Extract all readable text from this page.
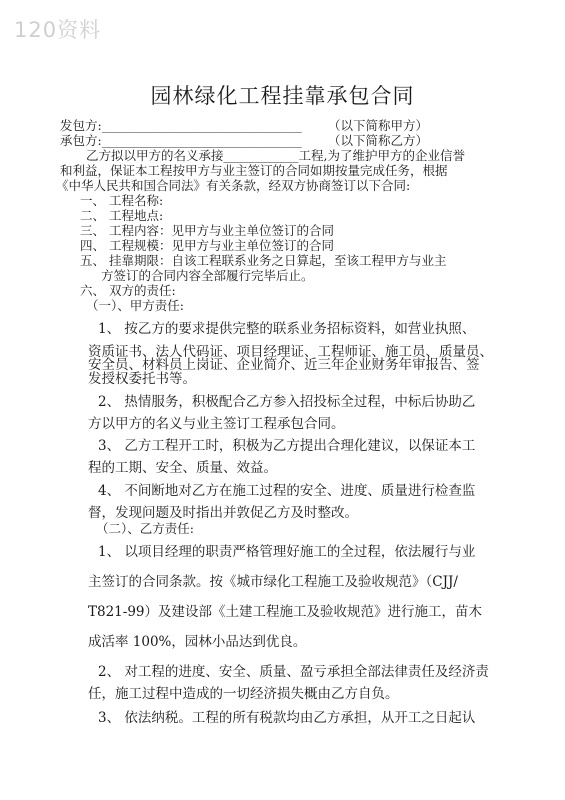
120资料
园林绿化工程挂靠承包合同
发包方:________________________________ （以下简称甲方）
承包方:________________________________ （以下简称乙方）
乙方拟以甲方的名义承接____________工程,为了维护甲方的企业信誉
和利益，保证本工程按甲方与业主签订的合同如期按量完成任务，根据
《中华人民共和国合同法》有关条款，经双方协商签订以下合同:
一、 工程名称:
二、 工程地点:
三、 工程内容：见甲方与业主单位签订的合同
四、 工程规模：见甲方与业主单位签订的合同
五、 挂靠期限：自该工程联系业务之日算起，至该工程甲方与业主
方签订的合同内容全部履行完毕后止。
六、 双方的责任:
（一）、甲方责任:
1、 按乙方的要求提供完整的联系业务招标资料，如营业执照、
资质证书、法人代码证、项目经理证、工程师证、施工员、质量员、
安全员、材料员上岗证、企业简介、近三年企业财务年审报告、签
发授权委托书等。
2、 热情服务，积极配合乙方参入招投标全过程，中标后协助乙
方以甲方的名义与业主签订工程承包合同。
3、 乙方工程开工时，积极为乙方提出合理化建议，以保证本工
程的工期、安全、质量、效益。
4、 不间断地对乙方在施工过程的安全、进度、质量进行检查监
督，发现问题及时指出并敦促乙方及时整改。
（二）、乙方责任:
1、 以项目经理的职责严格管理好施工的全过程，依法履行与业
主签订的合同条款。按《城市绿化工程施工及验收规范》（CJJ/
T821-99）及建设部《土建工程施工及验收规范》进行施工，苗木
成活率 100%，园林小品达到优良。
2、 对工程的进度、安全、质量、盈亏承担全部法律责任及经济责
任，施工过程中造成的一切经济损失概由乙方自负。
3、 依法纳税。工程的所有税款均由乙方承担，从开工之日起认
